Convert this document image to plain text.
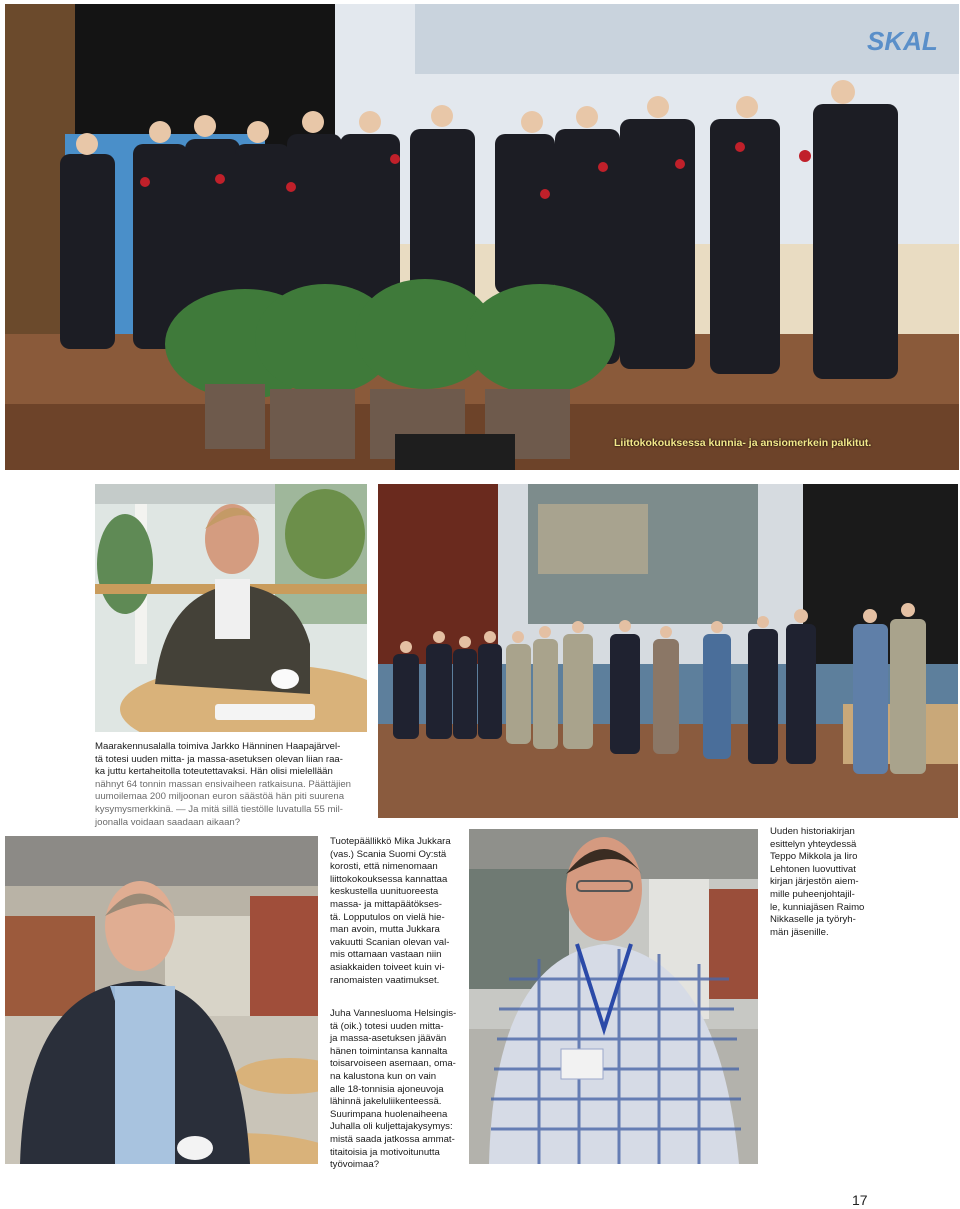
SKAL
Liittokokouksessa kunnia- ja ansiomerkein palkitut.
Maarakennusalalla toimiva Jarkko Hänninen Haapajärvel-
tä totesi uuden mitta- ja massa-asetuksen olevan liian raa-
ka juttu kertaheitolla toteutettavaksi. Hän olisi mielellään
nähnyt 64 tonnin massan ensivaiheen ratkaisuna. Päättäjien
uumoilemaa 200 miljoonan euron säästöä hän piti suurena
kysymysmerkkinä. — Ja mitä sillä tiestölle luvatulla 55 mil-
joonalla voidaan saadaan aikaan?
Tuotepäällikkö Mika Jukkara
(vas.) Scania Suomi Oy:stä
korosti, että nimenomaan
liittokokouksessa kannattaa
keskustella uunituoreesta
massa- ja mittapäätökses-
tä. Lopputulos on vielä hie-
man avoin, mutta Jukkara
vakuutti Scanian olevan val-
mis ottamaan vastaan niin
asiakkaiden toiveet kuin vi-
ranomaisten vaatimukset.
Juha Vannesluoma Helsingis-
tä (oik.) totesi uuden mitta-
ja massa-asetuksen jäävän
hänen toimintansa kannalta
toisarvoiseen asemaan, oma-
na kalustona kun on vain
alle 18-tonnisia ajoneuvoja
lähinnä jakeluliikenteessä.
Suurimpana huolenaiheena
Juhalla oli kuljettajakysymys:
mistä saada jatkossa ammat-
titaitoisia ja motivoitunutta
työvoimaa?
Uuden historiakirjan
esittelyn yhteydessä
Teppo Mikkola ja Iiro
Lehtonen luovuttivat
kirjan järjestön aiem-
mille puheenjohtajil-
le, kunniajäsen Raimo
Nikkaselle ja työryh-
män jäsenille.
17
